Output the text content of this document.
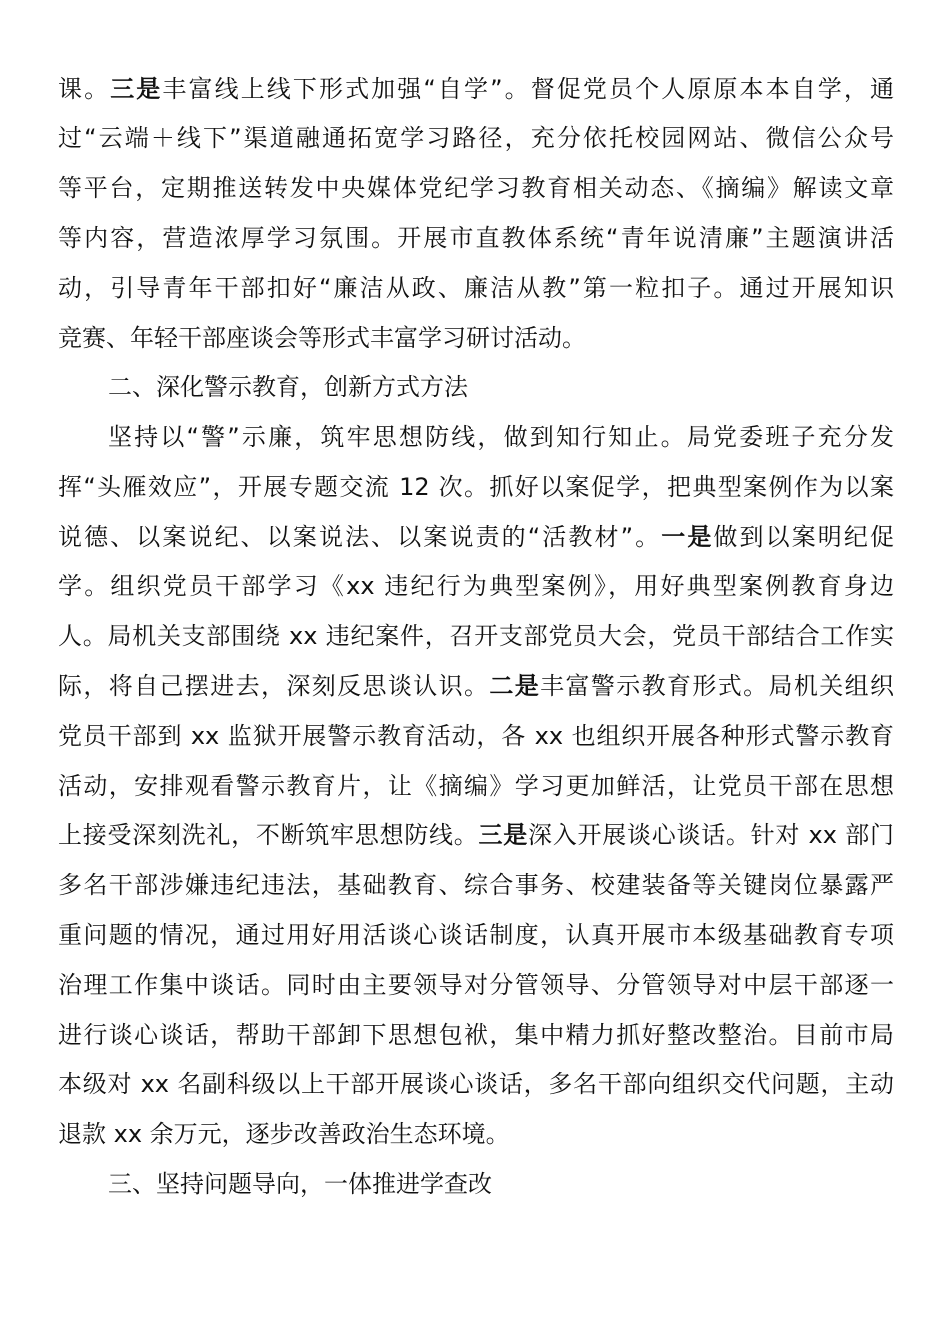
课。三是丰富线上线下形式加强“自学”。督促党员个人原原本本自学，通

过“云端＋线下”渠道融通拓宽学习路径，充分依托校园网站、微信公众号

等平台，定期推送转发中央媒体党纪学习教育相关动态、《摘编》解读文章

等内容，营造浓厚学习氛围。开展市直教体系统“青年说清廉”主题演讲活

动，引导青年干部扣好“廉洁从政、廉洁从教”第一粒扣子。通过开展知识

竞赛、年轻干部座谈会等形式丰富学习研讨活动。

二、深化警示教育，创新方式方法

坚持以“警”示廉，筑牢思想防线，做到知行知止。局党委班子充分发

挥“头雁效应”，开展专题交流 12 次。抓好以案促学，把典型案例作为以案

说德、以案说纪、以案说法、以案说责的“活教材”。一是做到以案明纪促

学。组织党员干部学习《xx 违纪行为典型案例》，用好典型案例教育身边

人。局机关支部围绕 xx 违纪案件，召开支部党员大会，党员干部结合工作实

际，将自己摆进去，深刻反思谈认识。二是丰富警示教育形式。局机关组织

党员干部到 xx 监狱开展警示教育活动，各 xx 也组织开展各种形式警示教育

活动，安排观看警示教育片，让《摘编》学习更加鲜活，让党员干部在思想

上接受深刻洗礼，不断筑牢思想防线。三是深入开展谈心谈话。针对 xx 部门

多名干部涉嫌违纪违法，基础教育、综合事务、校建装备等关键岗位暴露严

重问题的情况，通过用好用活谈心谈话制度，认真开展市本级基础教育专项

治理工作集中谈话。同时由主要领导对分管领导、分管领导对中层干部逐一

进行谈心谈话，帮助干部卸下思想包袱，集中精力抓好整改整治。目前市局

本级对 xx 名副科级以上干部开展谈心谈话，多名干部向组织交代问题，主动

退款 xx 余万元，逐步改善政治生态环境。

三、坚持问题导向，一体推进学查改
